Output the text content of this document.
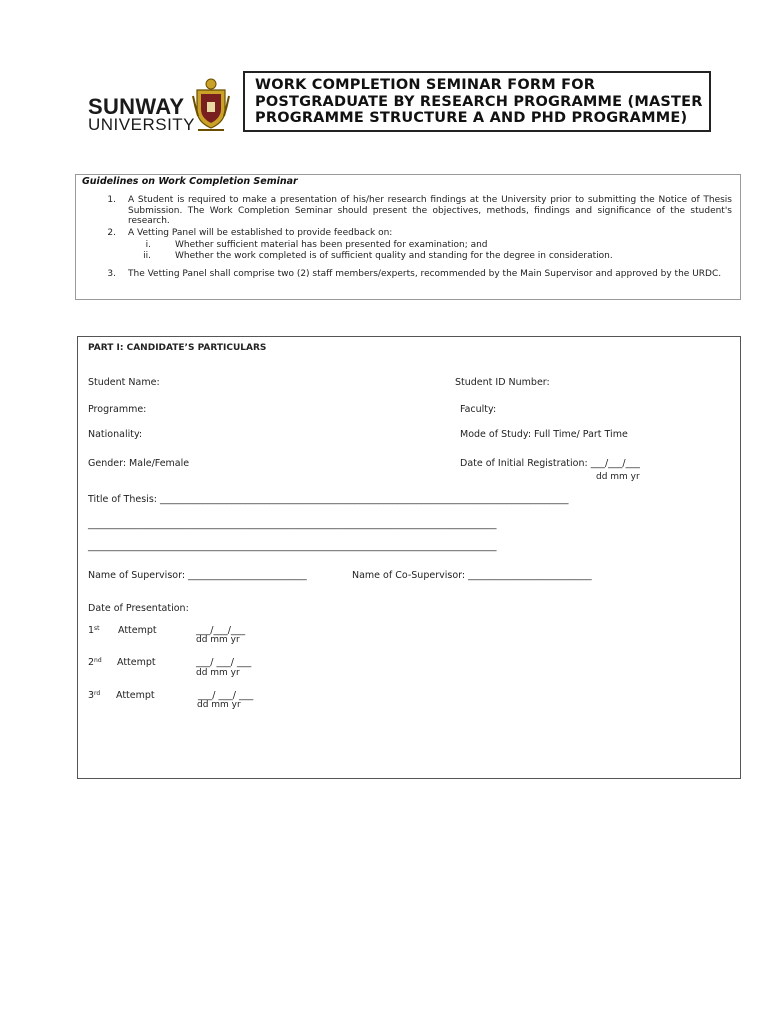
SUNWAY
UNIVERSITY
WORK COMPLETION SEMINAR FORM FOR POSTGRADUATE BY RESEARCH PROGRAMME (MASTER PROGRAMME STRUCTURE A AND PHD PROGRAMME)
Guidelines on Work Completion Seminar
1. A Student is required to make a presentation of his/her research findings at the University prior to submitting the Notice of Thesis Submission. The Work Completion Seminar should present the objectives, methods, findings and significance of the student's research.
2. A Vetting Panel will be established to provide feedback on:
i.	Whether sufficient material has been presented for examination; and
ii.	Whether the work completed is of sufficient quality and standing for the degree in consideration.
3. The Vetting Panel shall comprise two (2) staff members/experts, recommended by the Main Supervisor and approved by the URDC.
PART I: CANDIDATE’S PARTICULARS
Student Name:	Student ID Number:
Programme:	Faculty:
Nationality:	Mode of Study: Full Time/ Part Time
Gender: Male/Female	Date of Initial Registration: ___/___/___
dd mm yr
Title of Thesis: ______________________________________________________________________________________
______________________________________________________________________________________
______________________________________________________________________________________
Name of Supervisor: _________________________	Name of Co-Supervisor: __________________________
Date of Presentation:
1st Attempt	___/___/___
dd mm yr
2nd Attempt	___/ ___/ ___
dd mm yr
3rd Attempt	___/ ___/ ___
dd mm yr
